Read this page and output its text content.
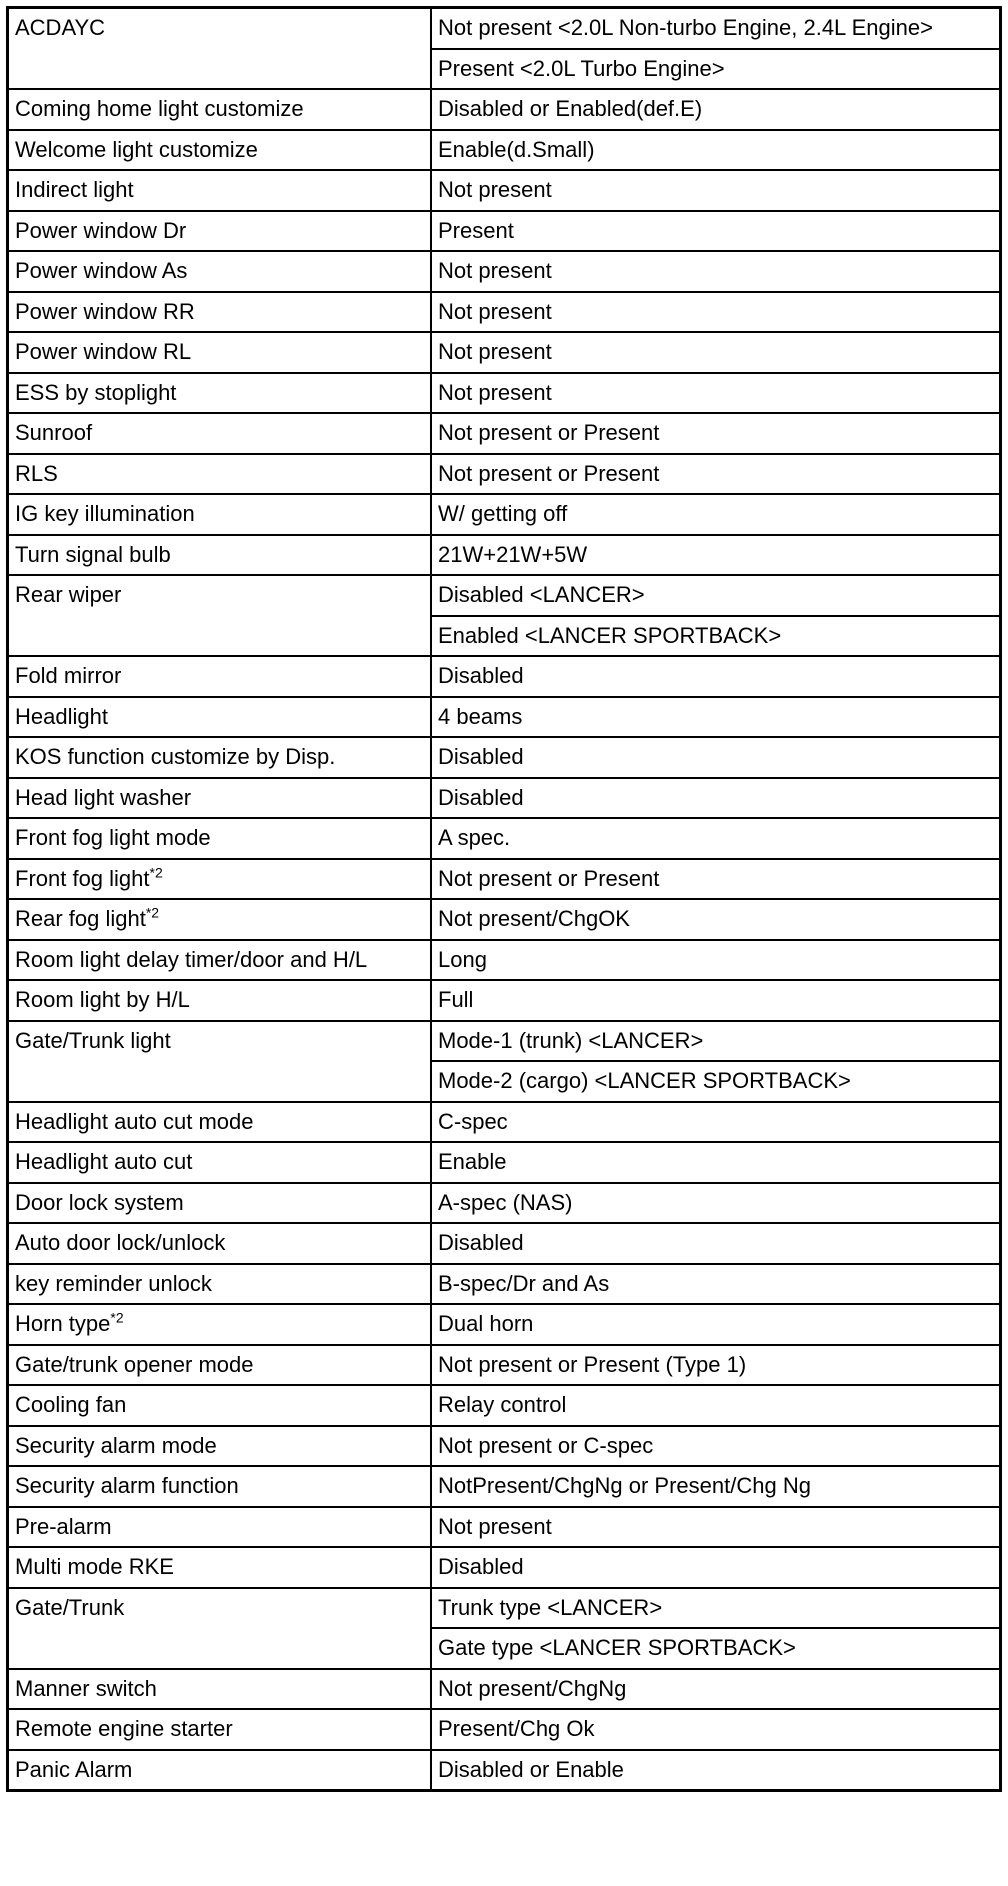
ACDAYC	Not present <2.0L Non-turbo Engine, 2.4L Engine>
	Present <2.0L Turbo Engine>
Coming home light customize	Disabled or Enabled(def.E)
Welcome light customize	Enable(d.Small)
Indirect light	Not present
Power window Dr	Present
Power window As	Not present
Power window RR	Not present
Power window RL	Not present
ESS by stoplight	Not present
Sunroof	Not present or Present
RLS	Not present or Present
IG key illumination	W/ getting off
Turn signal bulb	21W+21W+5W
Rear wiper	Disabled <LANCER>
	Enabled <LANCER SPORTBACK>
Fold mirror	Disabled
Headlight	4 beams
KOS function customize by Disp.	Disabled
Head light washer	Disabled
Front fog light mode	A spec.
Front fog light$^{*2}$	Not present or Present
Rear fog light$^{*2}$	Not present/ChgOK
Room light delay timer/door and H/L	Long
Room light by H/L	Full
Gate/Trunk light	Mode-1 (trunk) <LANCER>
	Mode-2 (cargo) <LANCER SPORTBACK>
Headlight auto cut mode	C-spec
Headlight auto cut	Enable
Door lock system	A-spec (NAS)
Auto door lock/unlock	Disabled
key reminder unlock	B-spec/Dr and As
Horn type$^{*2}$	Dual horn
Gate/trunk opener mode	Not present or Present (Type 1)
Cooling fan	Relay control
Security alarm mode	Not present or C-spec
Security alarm function	NotPresent/ChgNg or Present/Chg Ng
Pre-alarm	Not present
Multi mode RKE	Disabled
Gate/Trunk	Trunk type <LANCER>
	Gate type <LANCER SPORTBACK>
Manner switch	Not present/ChgNg
Remote engine starter	Present/Chg Ok
Panic Alarm	Disabled or Enable
